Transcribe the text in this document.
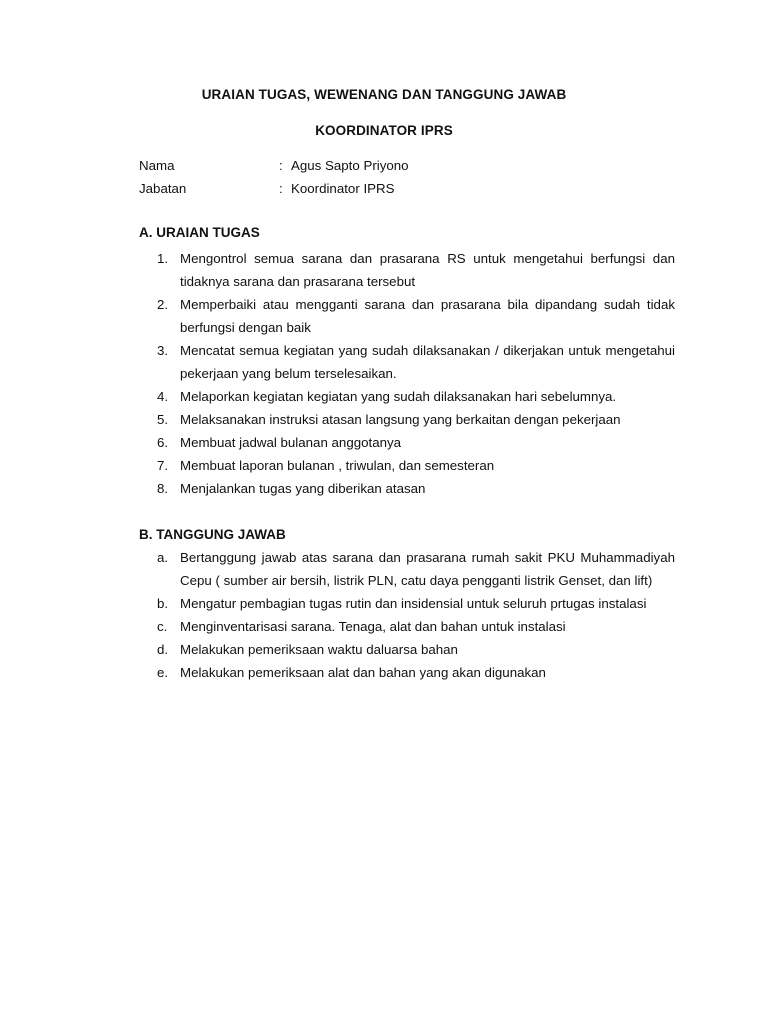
URAIAN TUGAS, WEWENANG DAN TANGGUNG JAWAB
KOORDINATOR IPRS
Nama	: Agus Sapto Priyono
Jabatan	: Koordinator IPRS
A. URAIAN TUGAS
1. Mengontrol semua sarana dan prasarana RS untuk mengetahui berfungsi dan tidaknya sarana dan prasarana tersebut
2. Memperbaiki atau mengganti sarana dan prasarana bila dipandang sudah tidak berfungsi dengan baik
3. Mencatat semua kegiatan yang sudah dilaksanakan / dikerjakan untuk mengetahui pekerjaan yang belum terselesaikan.
4. Melaporkan kegiatan kegiatan yang sudah dilaksanakan hari sebelumnya.
5. Melaksanakan instruksi atasan langsung yang berkaitan dengan pekerjaan
6. Membuat jadwal bulanan anggotanya
7. Membuat laporan bulanan , triwulan, dan semesteran
8. Menjalankan tugas yang diberikan atasan
B. TANGGUNG JAWAB
a. Bertanggung jawab atas sarana dan prasarana rumah sakit PKU Muhammadiyah Cepu ( sumber air bersih, listrik PLN, catu daya pengganti listrik Genset, dan lift)
b. Mengatur pembagian tugas rutin dan insidensial untuk seluruh prtugas instalasi
c. Menginventarisasi sarana. Tenaga, alat dan bahan untuk instalasi
d. Melakukan pemeriksaan waktu daluarsa bahan
e. Melakukan pemeriksaan alat dan bahan yang akan digunakan
